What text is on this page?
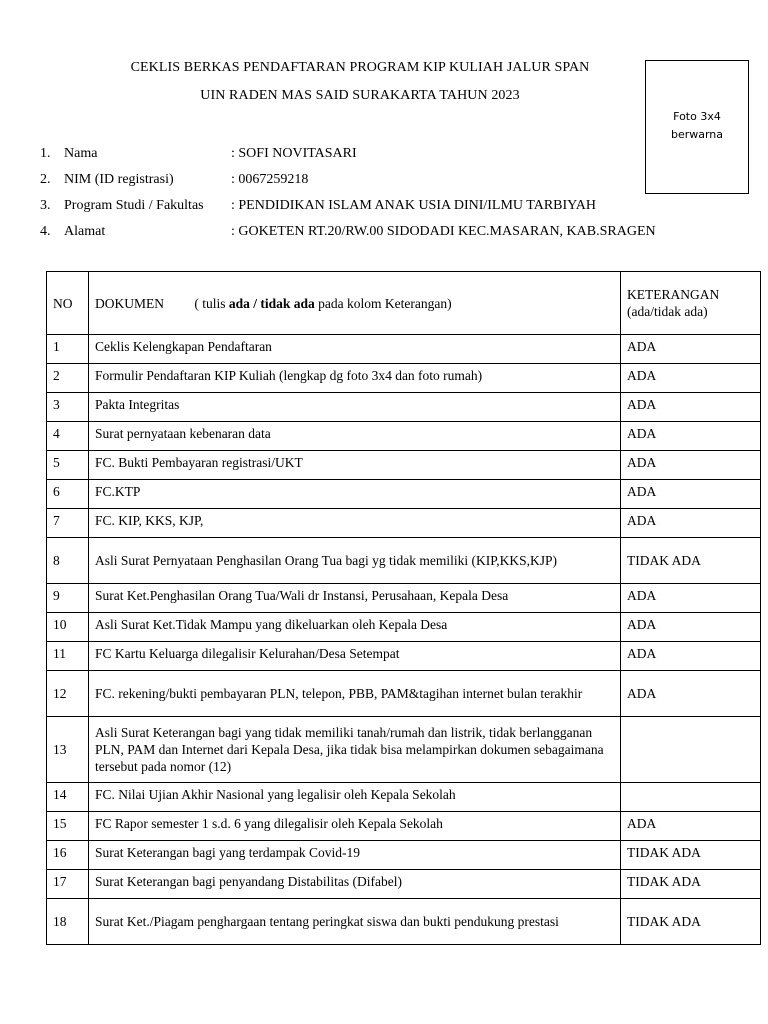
CEKLIS BERKAS PENDAFTARAN PROGRAM KIP KULIAH JALUR SPAN
UIN RADEN MAS SAID SURAKARTA TAHUN 2023
Foto 3x4
berwarna
1. Nama	: SOFI NOVITASARI
2. NIM (ID registrasi)	: 0067259218
3. Program Studi / Fakultas : PENDIDIKAN ISLAM ANAK USIA DINI/ILMU TARBIYAH
4. Alamat	: GOKETEN RT.20/RW.00 SIDODADI KEC.MASARAN, KAB.SRAGEN
NO	DOKUMEN ( tulis ada / tidak ada pada kolom Keterangan)	KETERANGAN
(ada/tidak ada)

1	Ceklis Kelengkapan Pendaftaran	ADA
2	Formulir Pendaftaran KIP Kuliah (lengkap dg foto 3x4 dan foto rumah)	ADA
3	Pakta Integritas	ADA
4	Surat pernyataan kebenaran data	ADA
5	FC. Bukti Pembayaran registrasi/UKT	ADA
6	FC.KTP	ADA
7	FC. KIP, KKS, KJP,	ADA
8	Asli Surat Pernyataan Penghasilan Orang Tua bagi yg tidak memiliki (KIP,KKS,KJP)	TIDAK ADA
9	Surat Ket.Penghasilan Orang Tua/Wali dr Instansi, Perusahaan, Kepala Desa	ADA
10	Asli Surat Ket.Tidak Mampu yang dikeluarkan oleh Kepala Desa	ADA
11	FC Kartu Keluarga dilegalisir Kelurahan/Desa Setempat	ADA
12	FC. rekening/bukti pembayaran PLN, telepon, PBB, PAM&tagihan internet bulan terakhir	ADA
13	Asli Surat Keterangan bagi yang tidak memiliki tanah/rumah dan listrik, tidak berlangganan PLN, PAM dan Internet dari Kepala Desa, jika tidak bisa melampirkan dokumen sebagaimana tersebut pada nomor (12)	
14	FC. Nilai Ujian Akhir Nasional yang legalisir oleh Kepala Sekolah	
15	FC Rapor semester 1 s.d. 6 yang dilegalisir oleh Kepala Sekolah	ADA
16	Surat Keterangan bagi yang terdampak Covid-19	TIDAK ADA
17	Surat Keterangan bagi penyandang Distabilitas (Difabel)	TIDAK ADA
18	Surat Ket./Piagam penghargaan tentang peringkat siswa dan bukti pendukung prestasi	TIDAK ADA
